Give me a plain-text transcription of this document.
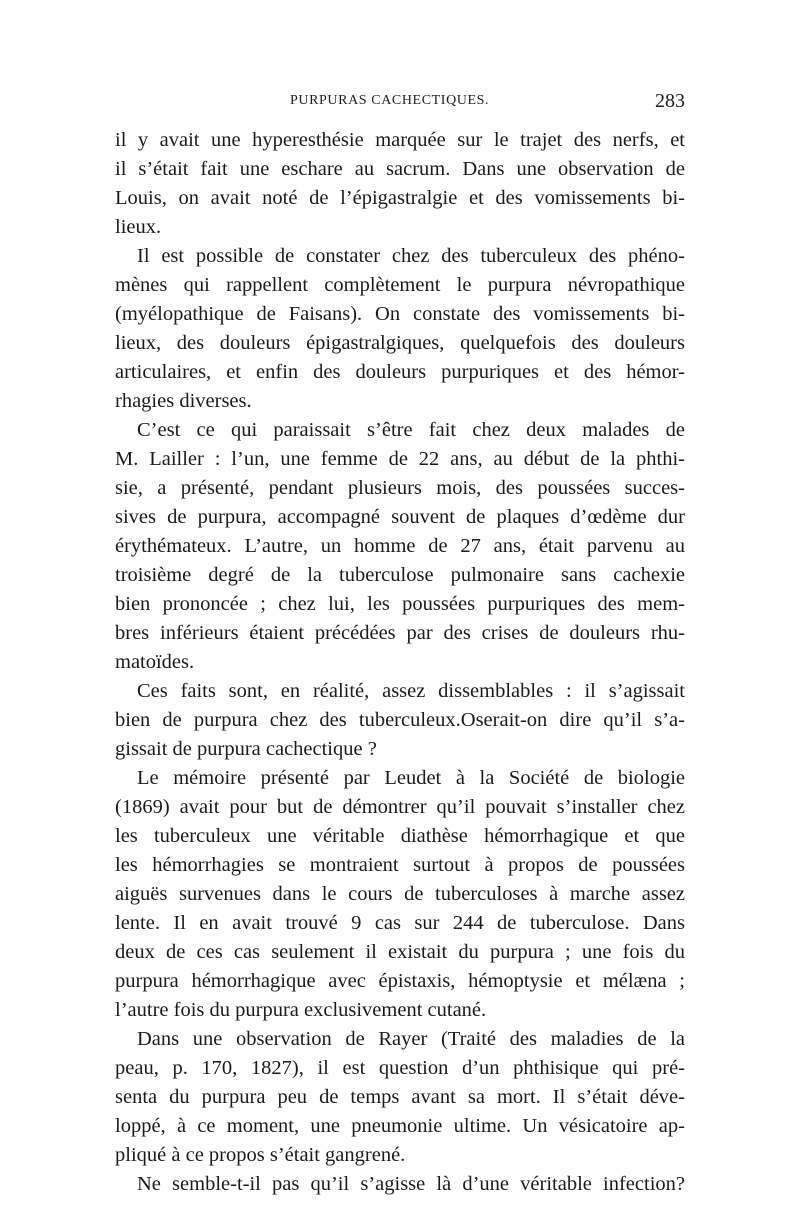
PURPURAS CACHECTIQUES.	283
il y avait une hyperesthésie marquée sur le trajet des nerfs, et
il s’était fait une eschare au sacrum. Dans une observation de
Louis, on avait noté de l’épigastralgie et des vomissements bi-
lieux.
Il est possible de constater chez des tuberculeux des phéno-
mènes qui rappellent complètement le purpura névropathique
(myélopathique de Faisans). On constate des vomissements bi-
lieux, des douleurs épigastralgiques, quelquefois des douleurs
articulaires, et enfin des douleurs purpuriques et des hémor-
rhagies diverses.
C’est ce qui paraissait s’être fait chez deux malades de
M. Lailler : l’un, une femme de 22 ans, au début de la phthi-
sie, a présenté, pendant plusieurs mois, des poussées succes-
sives de purpura, accompagné souvent de plaques d’œdème dur
érythémateux. L’autre, un homme de 27 ans, était parvenu au
troisième degré de la tuberculose pulmonaire sans cachexie
bien prononcée ; chez lui, les poussées purpuriques des mem-
bres inférieurs étaient précédées par des crises de douleurs rhu-
matoïdes.
Ces faits sont, en réalité, assez dissemblables : il s’agissait
bien de purpura chez des tuberculeux.Oserait-on dire qu’il s’a-
gissait de purpura cachectique ?
Le mémoire présenté par Leudet à la Société de biologie
(1869) avait pour but de démontrer qu’il pouvait s’installer chez
les tuberculeux une véritable diathèse hémorrhagique et que
les hémorrhagies se montraient surtout à propos de poussées
aiguës survenues dans le cours de tuberculoses à marche assez
lente. Il en avait trouvé 9 cas sur 244 de tuberculose. Dans
deux de ces cas seulement il existait du purpura ; une fois du
purpura hémorrhagique avec épistaxis, hémoptysie et mélæna ;
l’autre fois du purpura exclusivement cutané.
Dans une observation de Rayer (Traité des maladies de la
peau, p. 170, 1827), il est question d’un phthisique qui pré-
senta du purpura peu de temps avant sa mort. Il s’était déve-
loppé, à ce moment, une pneumonie ultime. Un vésicatoire ap-
pliqué à ce propos s’était gangrené.
Ne semble-t-il pas qu’il s’agisse là d’une véritable infection?
